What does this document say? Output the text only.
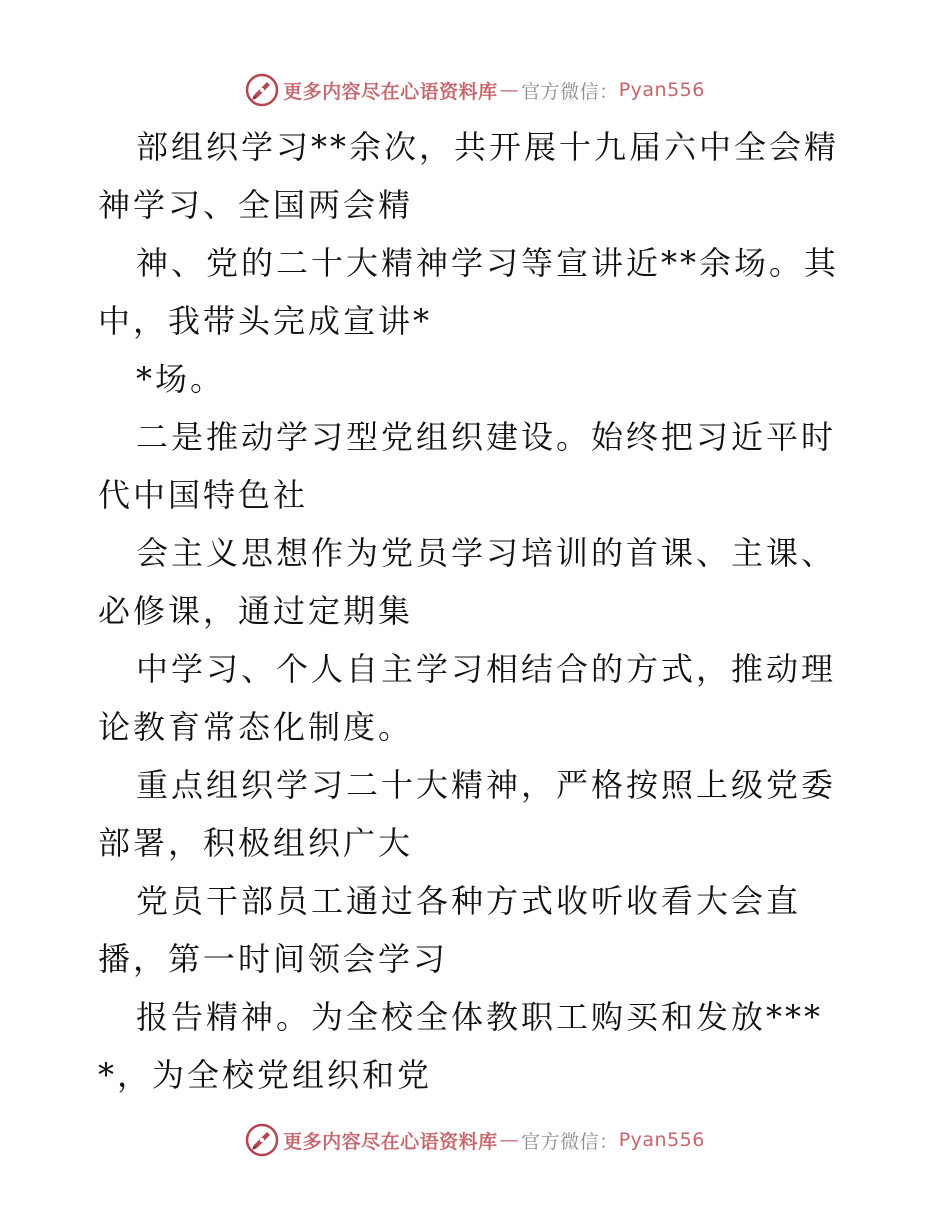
更多内容尽在心语资料库 — 官方微信： Pyan556

部组织学习**余次，共开展十九届六中全会精神学习、全国两会精

神、党的二十大精神学习等宣讲近**余场。其中，我带头完成宣讲*

*场。

二是推动学习型党组织建设。始终把习近平时代中国特色社

会主义思想作为党员学习培训的首课、主课、必修课，通过定期集

中学习、个人自主学习相结合的方式，推动理论教育常态化制度。

重点组织学习二十大精神，严格按照上级党委部署，积极组织广大

党员干部员工通过各种方式收听收看大会直播，第一时间领会学习

报告精神。为全校全体教职工购买和发放****，为全校党组织和党

更多内容尽在心语资料库 — 官方微信： Pyan556
